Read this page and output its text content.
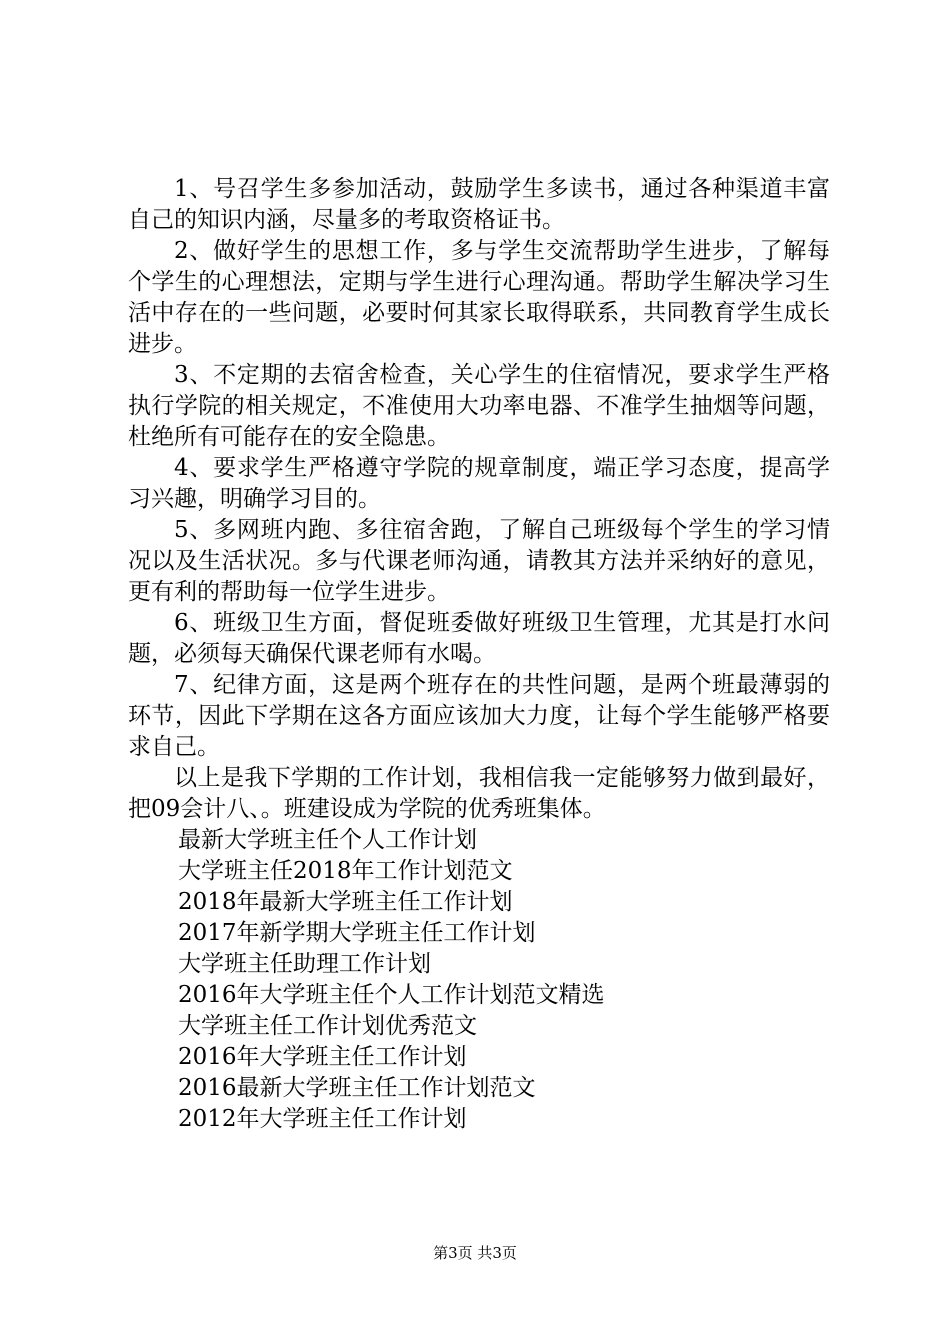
1、号召学生多参加活动，鼓励学生多读书，通过各种渠道丰富自己的知识内涵，尽量多的考取资格证书。

2、做好学生的思想工作，多与学生交流帮助学生进步，了解每个学生的心理想法，定期与学生进行心理沟通。帮助学生解决学习生活中存在的一些问题，必要时何其家长取得联系，共同教育学生成长进步。

3、不定期的去宿舍检查，关心学生的住宿情况，要求学生严格执行学院的相关规定，不准使用大功率电器、不准学生抽烟等问题，杜绝所有可能存在的安全隐患。

4、要求学生严格遵守学院的规章制度，端正学习态度，提高学习兴趣，明确学习目的。

5、多网班内跑、多往宿舍跑，了解自己班级每个学生的学习情况以及生活状况。多与代课老师沟通，请教其方法并采纳好的意见，更有利的帮助每一位学生进步。

6、班级卫生方面，督促班委做好班级卫生管理，尤其是打水问题，必须每天确保代课老师有水喝。

7、纪律方面，这是两个班存在的共性问题，是两个班最薄弱的环节，因此下学期在这各方面应该加大力度，让每个学生能够严格要求自己。

以上是我下学期的工作计划，我相信我一定能够努力做到最好，把09会计八、。班建设成为学院的优秀班集体。

最新大学班主任个人工作计划
大学班主任2018年工作计划范文
2018年最新大学班主任工作计划
2017年新学期大学班主任工作计划
大学班主任助理工作计划
2016年大学班主任个人工作计划范文精选
大学班主任工作计划优秀范文
2016年大学班主任工作计划
2016最新大学班主任工作计划范文
2012年大学班主任工作计划
第3页 共3页
